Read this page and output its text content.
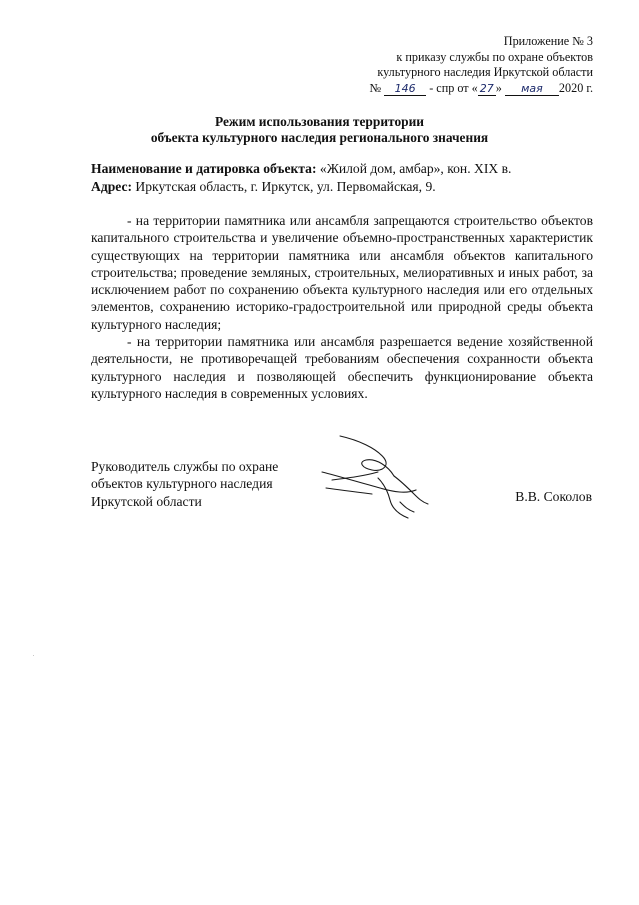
Приложение № 3
к приказу службы по охране объектов
культурного наследия Иркутской области
№ 146 - спр от « 27 » мая 2020 г.
Режим использования территории
объекта культурного наследия регионального значения
Наименование и датировка объекта: «Жилой дом, амбар», кон. XIX в.
Адрес: Иркутская область, г. Иркутск, ул. Первомайская, 9.

- на территории памятника или ансамбля запрещаются строительство объектов капитального строительства и увеличение объемно-пространственных характеристик существующих на территории памятника или ансамбля объектов капитального строительства; проведение земляных, строительных, мелиоративных и иных работ, за исключением работ по сохранению объекта культурного наследия или его отдельных элементов, сохранению историко-градостроительной или природной среды объекта культурного наследия;

- на территории памятника или ансамбля разрешается ведение хозяйственной деятельности, не противоречащей требованиям обеспечения сохранности объекта культурного наследия и позволяющей обеспечить функционирование объекта культурного наследия в современных условиях.

Руководитель службы по охране
объектов культурного наследия
Иркутской области	В.В. Соколов
